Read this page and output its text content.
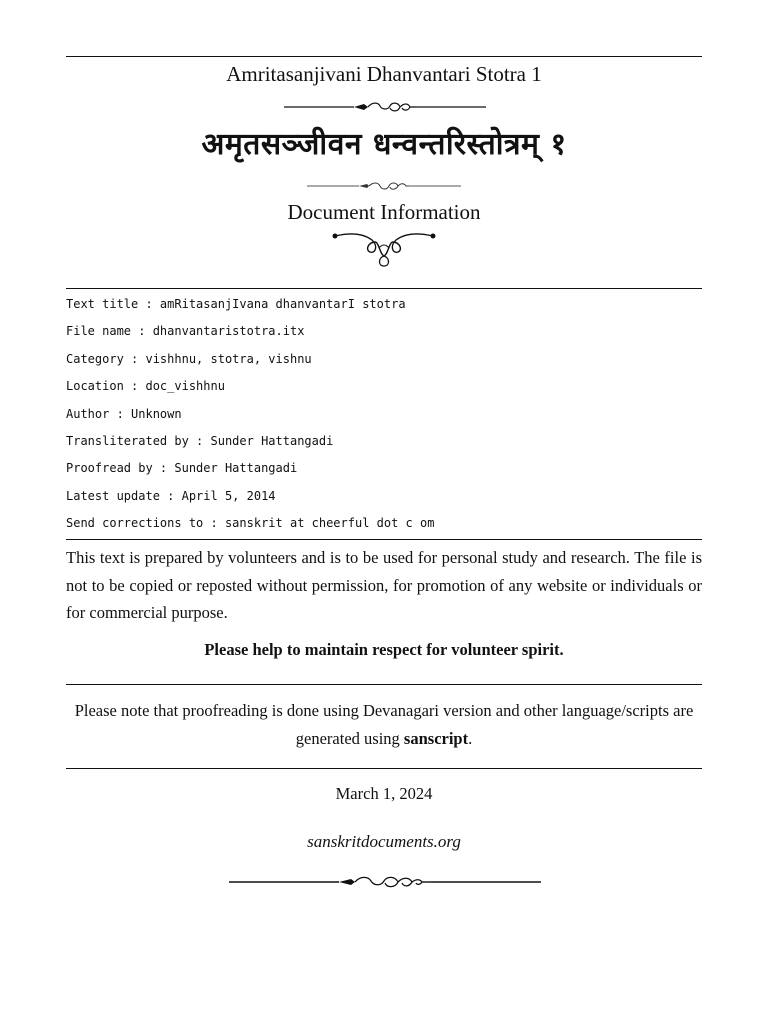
Amritasanjivani Dhanvantari Stotra 1
अमृतसञ्जीवन धन्वन्तरिस्तोत्रम् १
Document Information
Text title : amRitasanjIvana dhanvantarI stotra
File name : dhanvantaristotra.itx
Category : vishhnu, stotra, vishnu
Location : doc_vishhnu
Author : Unknown
Transliterated by : Sunder Hattangadi
Proofread by : Sunder Hattangadi
Latest update : April 5, 2014
Send corrections to : sanskrit at cheerful dot c om
This text is prepared by volunteers and is to be used for personal study and research. The file is not to be copied or reposted without permission, for promotion of any website or individuals or for commercial purpose.
Please help to maintain respect for volunteer spirit.
Please note that proofreading is done using Devanagari version and other language/scripts are generated using sanscript.
March 1, 2024
sanskritdocuments.org
